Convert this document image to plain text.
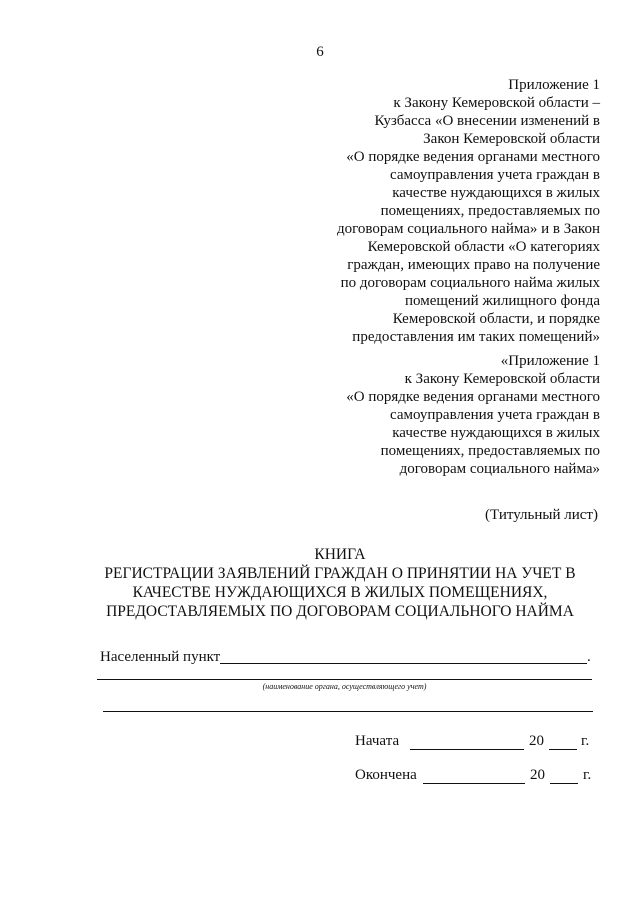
6
Приложение 1
к Закону Кемеровской области –
Кузбасса «О внесении изменений в
Закон Кемеровской области
«О порядке ведения органами местного
самоуправления учета граждан в
качестве нуждающихся в жилых
помещениях, предоставляемых по
договорам социального найма» и в Закон
Кемеровской области «О категориях
граждан, имеющих право на получение
по договорам социального найма жилых
помещений жилищного фонда
Кемеровской области, и порядке
предоставления им таких помещений»
«Приложение 1
к Закону Кемеровской области
«О порядке ведения органами местного
самоуправления учета граждан в
качестве нуждающихся в жилых
помещениях, предоставляемых по
договорам социального найма»
(Титульный лист)
КНИГА
РЕГИСТРАЦИИ ЗАЯВЛЕНИЙ ГРАЖДАН О ПРИНЯТИИ НА УЧЕТ В
КАЧЕСТВЕ НУЖДАЮЩИХСЯ В ЖИЛЫХ ПОМЕЩЕНИЯХ,
ПРЕДОСТАВЛЯЕМЫХ ПО ДОГОВОРАМ СОЦИАЛЬНОГО НАЙМА
Населенный пункт	.
(наименование органа, осуществляющего учет)
Начата	20 г.
Окончена	20	г.
